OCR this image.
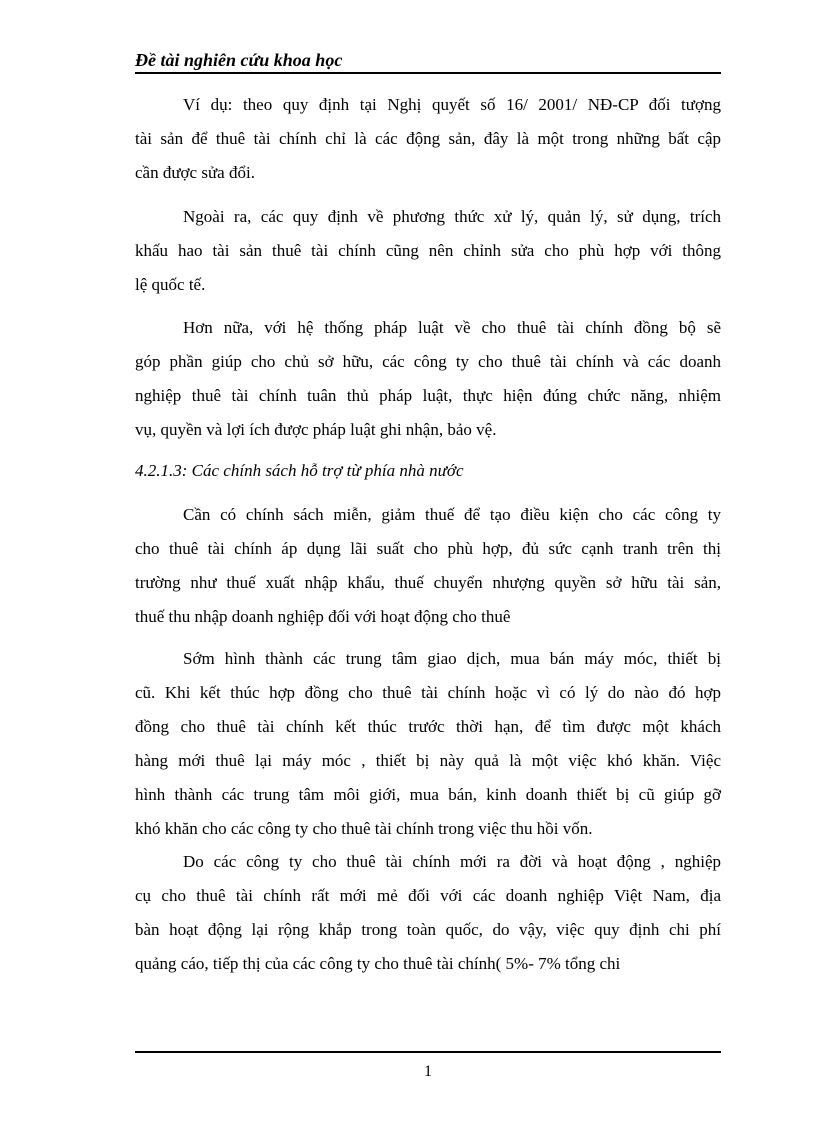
Đề tài nghiên cứu khoa học
Ví dụ: theo quy định tại Nghị quyết số 16/ 2001/ NĐ-CP đối tượng
tài sản để thuê tài chính chỉ là các động sản, đây là một trong những bất cập
cần được sửa đổi.
Ngoài ra, các quy định về phương thức xử lý, quản lý, sử dụng, trích
khấu hao tài sản thuê tài chính cũng nên chỉnh sửa cho phù hợp với thông
lệ quốc tế.
Hơn nữa, với hệ thống pháp luật về cho thuê tài chính đồng bộ sẽ
góp phần giúp cho chủ sở hữu, các công ty cho thuê tài chính và các doanh
nghiệp thuê tài chính tuân thủ pháp luật, thực hiện đúng chức năng, nhiệm
vụ, quyền và lợi ích được pháp luật ghi nhận, bảo vệ.
4.2.1.3: Các chính sách hỗ trợ từ phía nhà nước
Cần có chính sách miễn, giảm thuế để tạo điều kiện cho các công ty
cho thuê tài chính áp dụng lãi suất cho phù hợp, đủ sức cạnh tranh trên thị
trường như thuế xuất nhập khẩu, thuế chuyển nhượng quyền sở hữu tài sản,
thuế thu nhập doanh nghiệp đối với hoạt động cho thuê
Sớm hình thành các trung tâm giao dịch, mua bán máy móc, thiết bị
cũ. Khi kết thúc hợp đồng cho thuê tài chính hoặc vì có lý do nào đó hợp
đồng cho thuê tài chính kết thúc trước thời hạn, để tìm được một khách
hàng mới thuê lại máy móc , thiết bị này quả là một việc khó khăn. Việc
hình thành các trung tâm môi giới, mua bán, kinh doanh thiết bị cũ giúp gỡ
khó khăn cho các công ty cho thuê tài chính trong việc thu hồi vốn.
Do các công ty cho thuê tài chính mới ra đời và hoạt động , nghiệp
cụ cho thuê tài chính rất mới mẻ đối với các doanh nghiệp Việt Nam, địa
bàn hoạt động lại rộng khắp trong toàn quốc, do vậy, việc quy định chi phí
quảng cáo, tiếp thị của các công ty cho thuê tài chính( 5%- 7% tổng chi
1
